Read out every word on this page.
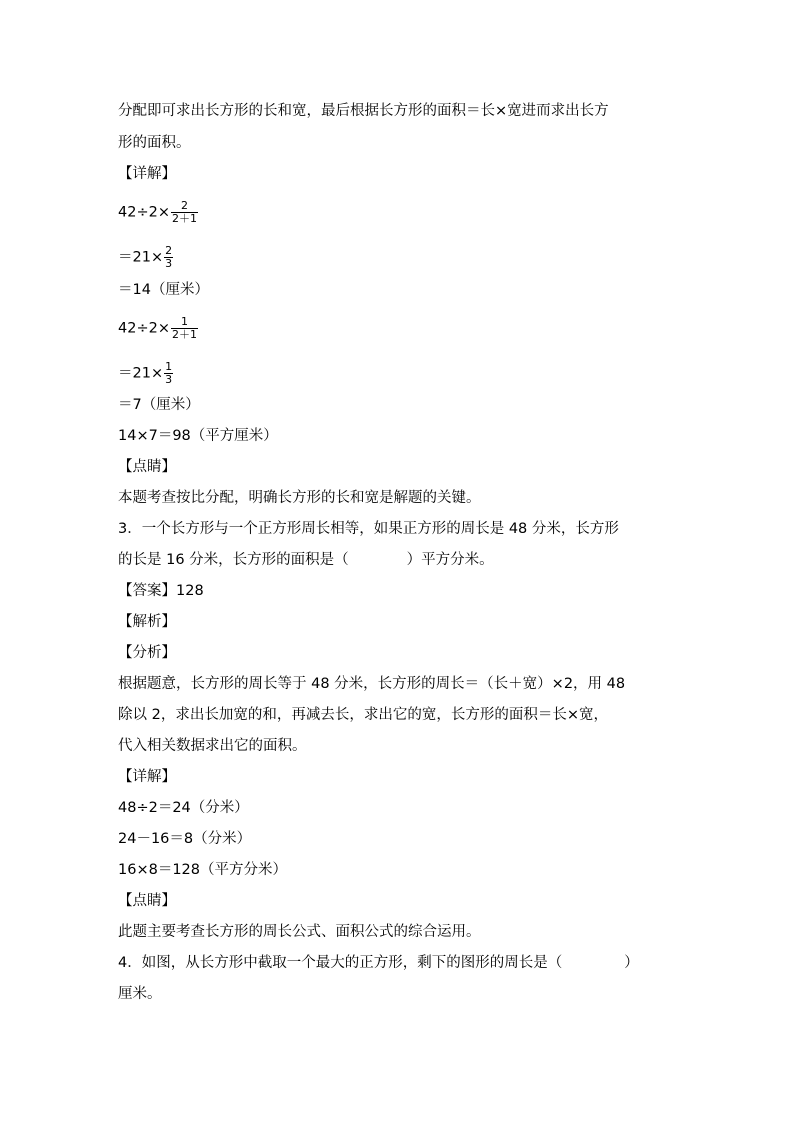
分配即可求出长方形的长和宽，最后根据长方形的面积＝长×宽进而求出长方
形的面积。
【详解】
$42\div 2\times \frac{2}{2+1}$
$=21\times \frac{2}{3}$
＝14（厘米）
$42\div 2\times \frac{1}{2+1}$
$=21\times \frac{1}{3}$
＝7（厘米）
14×7＝98（平方厘米）
【点睛】
本题考查按比分配，明确长方形的长和宽是解题的关键。
3．一个长方形与一个正方形周长相等，如果正方形的周长是 48 分米，长方形
的长是 16 分米，长方形的面积是（	）平方分米。
【答案】128
【解析】
【分析】
根据题意，长方形的周长等于 48 分米，长方形的周长＝（长＋宽）×2，用 48
除以 2，求出长加宽的和，再减去长，求出它的宽，长方形的面积＝长×宽，
代入相关数据求出它的面积。
【详解】
48÷2＝24（分米）
24－16＝8（分米）
16×8＝128（平方分米）
【点睛】
此题主要考查长方形的周长公式、面积公式的综合运用。
4．如图，从长方形中截取一个最大的正方形，剩下的图形的周长是（	）
厘米。
